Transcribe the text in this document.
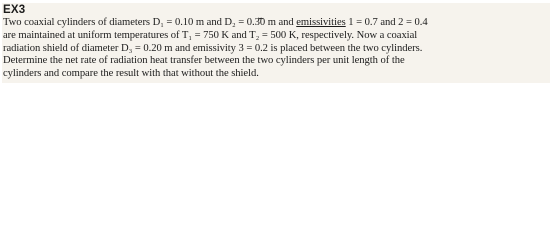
EX3
Two coaxial cylinders of diameters D₁ = 0.10 m and D₂ = 0.3̄̃̌0 m and emissivities 1 = 0.7 and 2 = 0.4
are maintained at uniform temperatures of T₁ = 750 K and T₂ = 500 K, respectively. Now a coaxial
radiation shield of diameter D₃ = 0.20 m and emissivity 3 = 0.2 is placed between the two cylinders.
Determine the net rate of radiation heat transfer between the two cylinders per unit length of the
cylinders and compare the result with that without the shield.
